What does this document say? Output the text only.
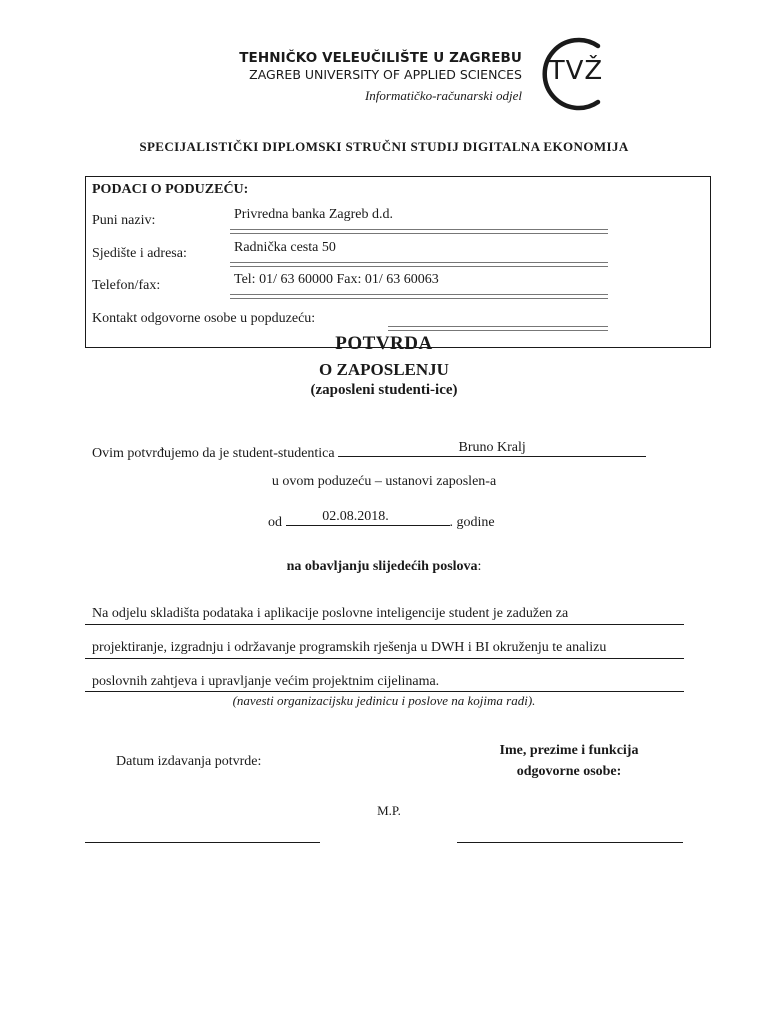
TEHNIČKO VELEUČILIŠTE U ZAGREBU
ZAGREB UNIVERSITY OF APPLIED SCIENCES
Informatičko-računarski odjel
TVŽ
SPECIJALISTIČKI DIPLOMSKI STRUČNI STUDIJ DIGITALNA EKONOMIJA
PODACI O PODUZEĆU:
Puni naziv:	Privredna banka Zagreb d.d.
Sjedište i adresa:	Radnička cesta 50
Telefon/fax:	Tel: 01/ 63 60000 Fax: 01/ 63 60063
Kontakt odgovorne osobe u popduzeću:
POTVRDA
O ZAPOSLENJU
(zaposleni studenti-ice)
Ovim potvrđujemo da je student-studentica	Bruno Kralj
u ovom poduzeću – ustanovi zaposlen-a
od	02.08.2018.	. godine
na obavljanju slijedećih poslova:
Na odjelu skladišta podataka i aplikacije poslovne inteligencije student je zadužen za
projektiranje, izgradnju i održavanje programskih rješenja u DWH i BI okruženju te analizu
poslovnih zahtjeva i upravljanje većim projektnim cijelinama.
(navesti organizacijsku jedinicu i poslove na kojima radi).
Datum izdavanja potvrde:
Ime, prezime i funkcija
odgovorne osobe:
M.P.
